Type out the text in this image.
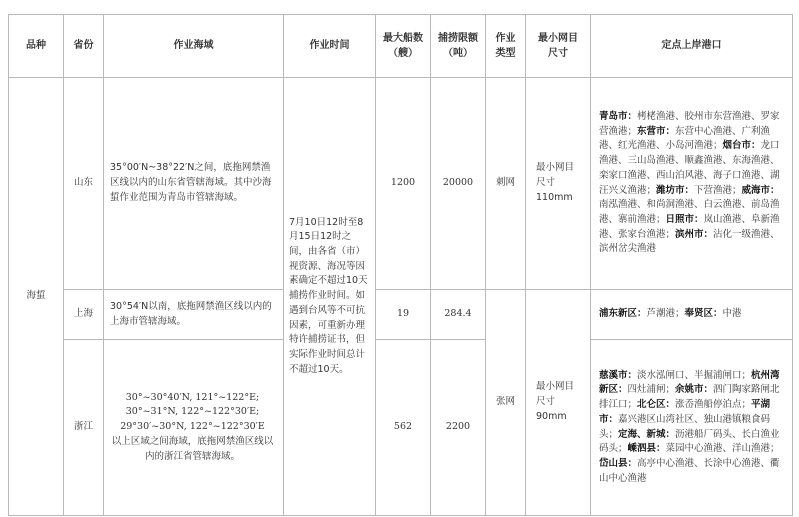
品种	省份	作业海域	作业时间	最大船数（艘）	捕捞限额（吨）	作业类型	最小网目尺寸	定点上岸港口
海蜇	山东	35°00′N~38°22′N之间，底拖网禁渔区线以内的山东省管辖海域。其中沙海蜇作业范围为青岛市管辖海域。	7月10日12时至8月15日12时之间，由各省（市）视资源、海况等因素确定不超过10天捕捞作业时间。如遇到台风等不可抗因素，可重新办理特许捕捞证书，但实际作业时间总计不超过10天。	1200	20000	刺网	最小网目尺寸110mm	青岛市：栲栳渔港、胶州市东营渔港、罗家营渔港；东营市：东营中心渔港、广利渔港、红光渔港、小岛河渔港；烟台市：龙口渔港、三山岛渔港、顺鑫渔港、东海渔港、栾家口渔港、西山泊风港、海子口渔港、湖汪兴义渔港；潍坊市：下营渔港；威海市：南泓渔港、和尚洞渔港、白云渔港、前岛渔港、寨前渔港；日照市：岚山渔港、阜新渔港、张家台渔港；滨州市：沾化一级渔港、滨州岔尖渔港
	上海	30°54′N以南，底拖网禁渔区线以内的上海市管辖海域。		19	284.4	张网	最小网目尺寸90mm	浦东新区：芦潮港；奉贤区：中港
	浙江	30°~30°40′N, 121°~122°E;
30°~31°N, 122°~122°30′E;
29°30′~30°N, 122°~122°30′E
以上区域之间海域，底拖网禁渔区线以内的浙江省管辖海域。		562	2200			慈溪市：淡水泓闸口、半掘浦闸口；杭州湾新区：四灶浦闸；余姚市：泗门陶家路闸北排江口；北仑区：涨岙渔船停泊点；平湖市：嘉兴港区山湾社区、独山港镇粮食码头；定海、新城：沥港船厂码头、长白渔业码头；嵊泗县：菜园中心渔港、洋山渔港；岱山县：高亭中心渔港、长涂中心渔港、衢山中心渔港
